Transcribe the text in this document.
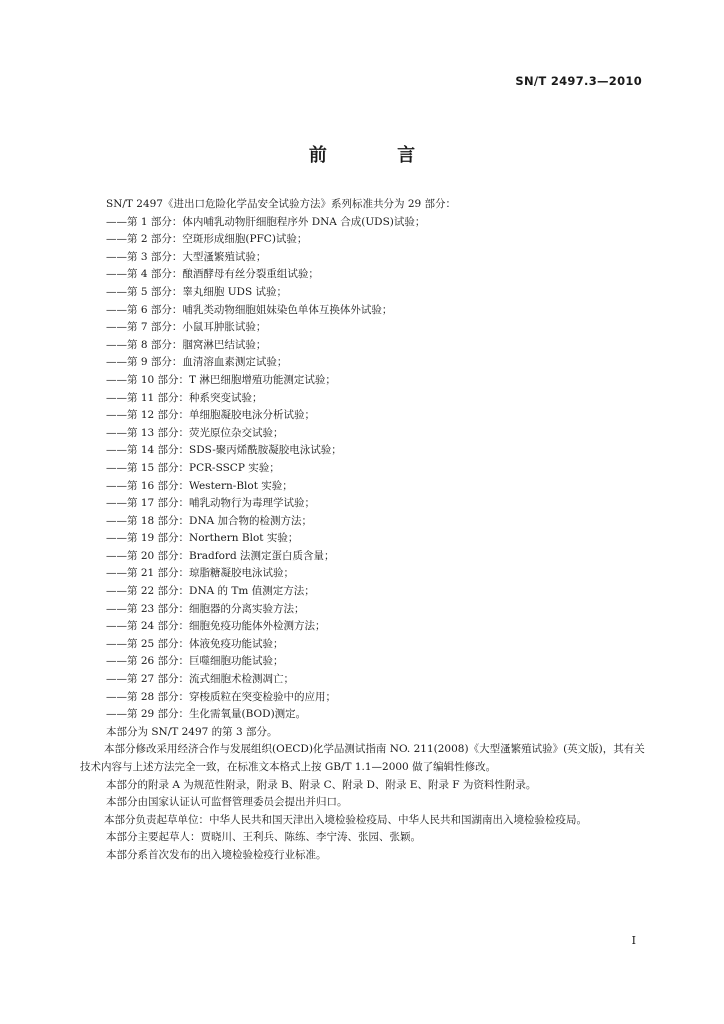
SN/T 2497.3—2010
前 言
SN/T 2497《进出口危险化学品安全试验方法》系列标准共分为 29 部分：
——第 1 部分：体内哺乳动物肝细胞程序外 DNA 合成(UDS)试验；
——第 2 部分：空斑形成细胞(PFC)试验；
——第 3 部分：大型溞繁殖试验；
——第 4 部分：酿酒酵母有丝分裂重组试验；
——第 5 部分：睾丸细胞 UDS 试验；
——第 6 部分：哺乳类动物细胞姐妹染色单体互换体外试验；
——第 7 部分：小鼠耳肿胀试验；
——第 8 部分：腘窝淋巴结试验；
——第 9 部分：血清溶血素测定试验；
——第 10 部分：T 淋巴细胞增殖功能测定试验；
——第 11 部分：种系突变试验；
——第 12 部分：单细胞凝胶电泳分析试验；
——第 13 部分：荧光原位杂交试验；
——第 14 部分：SDS-聚丙烯酰胺凝胶电泳试验；
——第 15 部分：PCR-SSCP 实验；
——第 16 部分：Western-Blot 实验；
——第 17 部分：哺乳动物行为毒理学试验；
——第 18 部分：DNA 加合物的检测方法；
——第 19 部分：Northern Blot 实验；
——第 20 部分：Bradford 法测定蛋白质含量；
——第 21 部分：琼脂糖凝胶电泳试验；
——第 22 部分：DNA 的 Tm 值测定方法；
——第 23 部分：细胞器的分离实验方法；
——第 24 部分：细胞免疫功能体外检测方法；
——第 25 部分：体液免疫功能试验；
——第 26 部分：巨噬细胞功能试验；
——第 27 部分：流式细胞术检测凋亡；
——第 28 部分：穿梭质粒在突变检验中的应用；
——第 29 部分：生化需氧量(BOD)测定。
本部分为 SN/T 2497 的第 3 部分。
本部分修改采用经济合作与发展组织(OECD)化学品测试指南 NO. 211(2008)《大型溞繁殖试验》(英文版)，其有关技术内容与上述方法完全一致，在标准文本格式上按 GB/T 1.1—2000 做了编辑性修改。
本部分的附录 A 为规范性附录，附录 B、附录 C、附录 D、附录 E、附录 F 为资料性附录。
本部分由国家认证认可监督管理委员会提出并归口。
本部分负责起草单位：中华人民共和国天津出入境检验检疫局、中华人民共和国湖南出入境检验检疫局。
本部分主要起草人：贾晓川、王利兵、陈练、李宁涛、张园、张颖。
本部分系首次发布的出入境检验检疫行业标准。
I
